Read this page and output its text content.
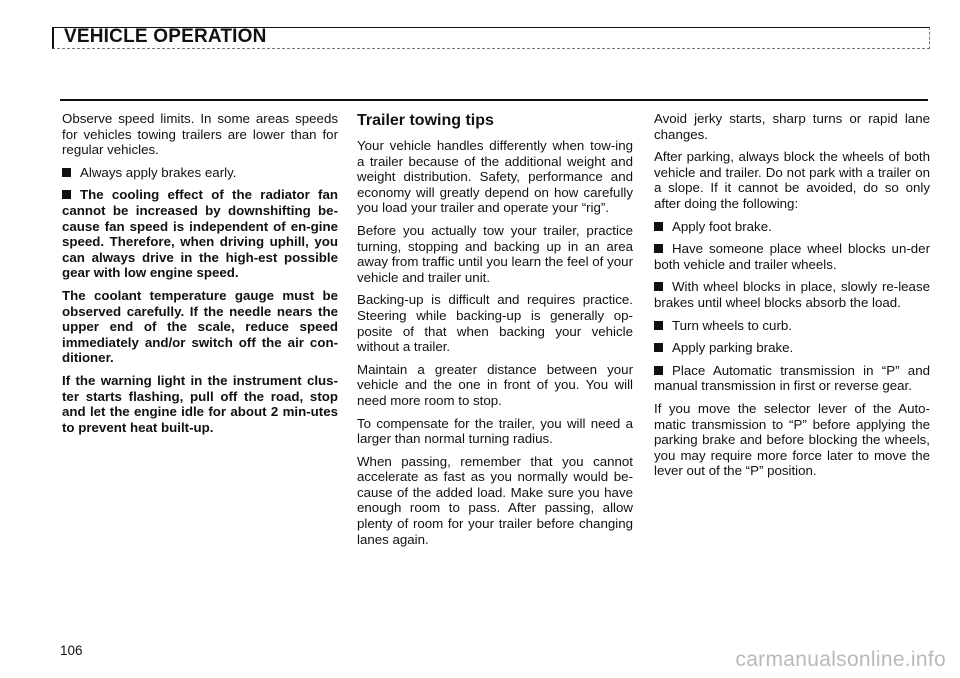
VEHICLE OPERATION

Observe speed limits. In some areas speeds for vehicles towing trailers are lower than for regular vehicles.

Always apply brakes early.

The cooling effect of the radiator fan cannot be increased by downshifting be-cause fan speed is independent of en-gine speed. Therefore, when driving uphill, you can always drive in the high-est possible gear with low engine speed.

The coolant temperature gauge must be observed carefully. If the needle nears the upper end of the scale, reduce speed immediately and/or switch off the air con-ditioner.

If the warning light in the instrument clus-ter starts flashing, pull off the road, stop and let the engine idle for about 2 min-utes to prevent heat built-up.

Trailer towing tips

Your vehicle handles differently when tow-ing a trailer because of the additional weight and weight distribution. Safety, performance and economy will greatly depend on how carefully you load your trailer and operate your “rig”.

Before you actually tow your trailer, practice turning, stopping and backing up in an area away from traffic until you learn the feel of your vehicle and trailer unit.

Backing-up is difficult and requires practice. Steering while backing-up is generally op-posite of that when backing your vehicle without a trailer.

Maintain a greater distance between your vehicle and the one in front of you. You will need more room to stop.

To compensate for the trailer, you will need a larger than normal turning radius.

When passing, remember that you cannot accelerate as fast as you normally would be-cause of the added load. Make sure you have enough room to pass. After passing, allow plenty of room for your trailer before changing lanes again.

Avoid jerky starts, sharp turns or rapid lane changes.

After parking, always block the wheels of both vehicle and trailer. Do not park with a trailer on a slope. If it cannot be avoided, do so only after doing the following:

Apply foot brake.

Have someone place wheel blocks un-der both vehicle and trailer wheels.

With wheel blocks in place, slowly re-lease brakes until wheel blocks absorb the load.

Turn wheels to curb.

Apply parking brake.

Place Automatic transmission in “P” and manual transmission in first or reverse gear.

If you move the selector lever of the Auto-matic transmission to “P” before applying the parking brake and before blocking the wheels, you may require more force later to move the lever out of the “P” position.

106	carmanualsonline.info
